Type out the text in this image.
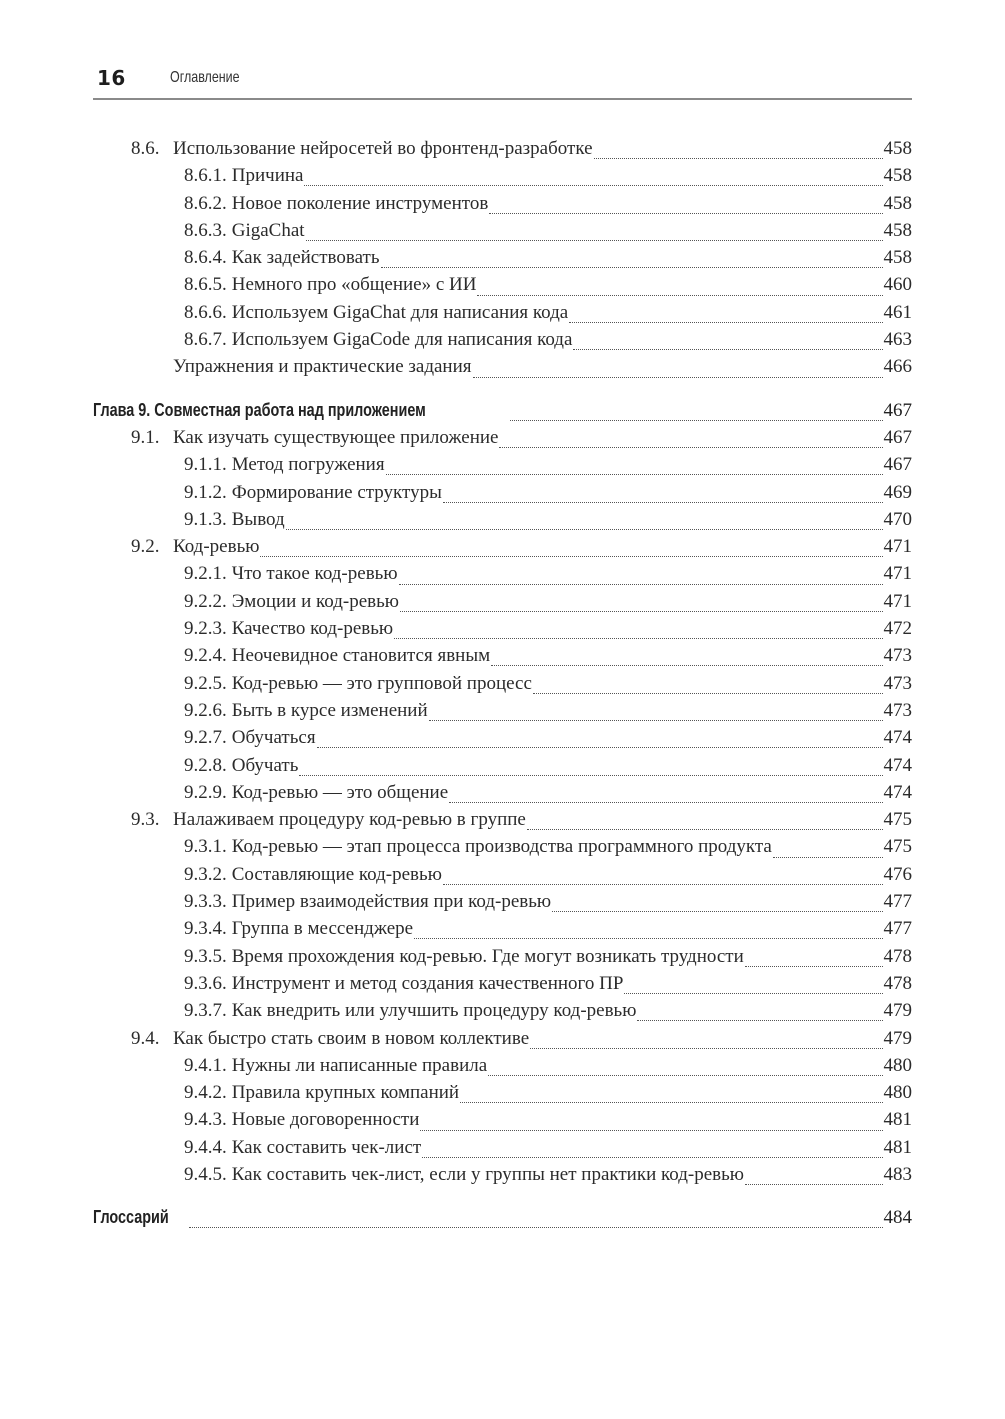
16	Оглавление
8.6. Использование нейросетей во фронтенд-разработке	458
8.6.1. Причина	458
8.6.2. Новое поколение инструментов	458
8.6.3. GigaChat	458
8.6.4. Как задействовать	458
8.6.5. Немного про «общение» с ИИ	460
8.6.6. Используем GigaChat для написания кода	461
8.6.7. Используем GigaCode для написания кода	463
Упражнения и практические задания	466
Глава 9. Совместная работа над приложением	467
9.1. Как изучать существующее приложение	467
9.1.1. Метод погружения	467
9.1.2. Формирование структуры	469
9.1.3. Вывод	470
9.2. Код-ревью	471
9.2.1. Что такое код-ревью	471
9.2.2. Эмоции и код-ревью	471
9.2.3. Качество код-ревью	472
9.2.4. Неочевидное становится явным	473
9.2.5. Код-ревью — это групповой процесс	473
9.2.6. Быть в курсе изменений	473
9.2.7. Обучаться	474
9.2.8. Обучать	474
9.2.9. Код-ревью — это общение	474
9.3. Налаживаем процедуру код-ревью в группе	475
9.3.1. Код-ревью — этап процесса производства программного продукта	475
9.3.2. Составляющие код-ревью	476
9.3.3. Пример взаимодействия при код-ревью	477
9.3.4. Группа в мессенджере	477
9.3.5. Время прохождения код-ревью. Где могут возникать трудности	478
9.3.6. Инструмент и метод создания качественного ПР	478
9.3.7. Как внедрить или улучшить процедуру код-ревью	479
9.4. Как быстро стать своим в новом коллективе	479
9.4.1. Нужны ли написанные правила	480
9.4.2. Правила крупных компаний	480
9.4.3. Новые договоренности	481
9.4.4. Как составить чек-лист	481
9.4.5. Как составить чек-лист, если у группы нет практики код-ревью	483
Глоссарий	484
